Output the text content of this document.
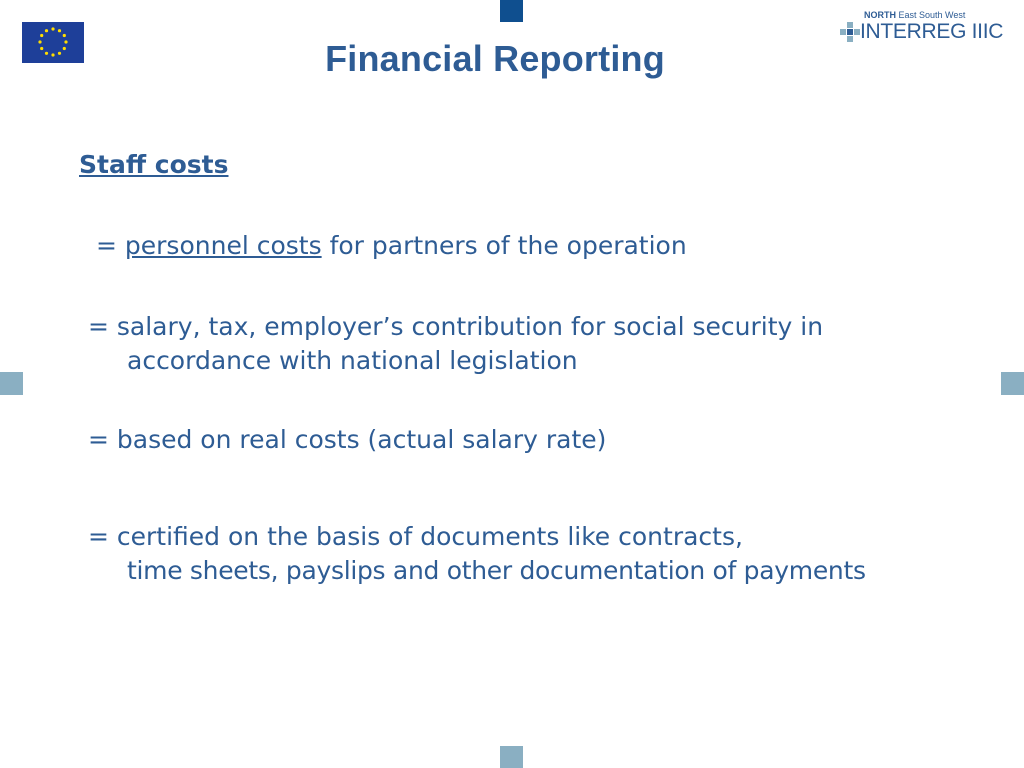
NORTH East South West
INTERREG IIIC
Financial Reporting
Staff costs
= personnel costs for partners of the operation
= salary, tax, employer’s contribution for social security in
accordance with national legislation
= based on real costs (actual salary rate)
= certified on the basis of documents like contracts,
time sheets, payslips and other documentation of payments
